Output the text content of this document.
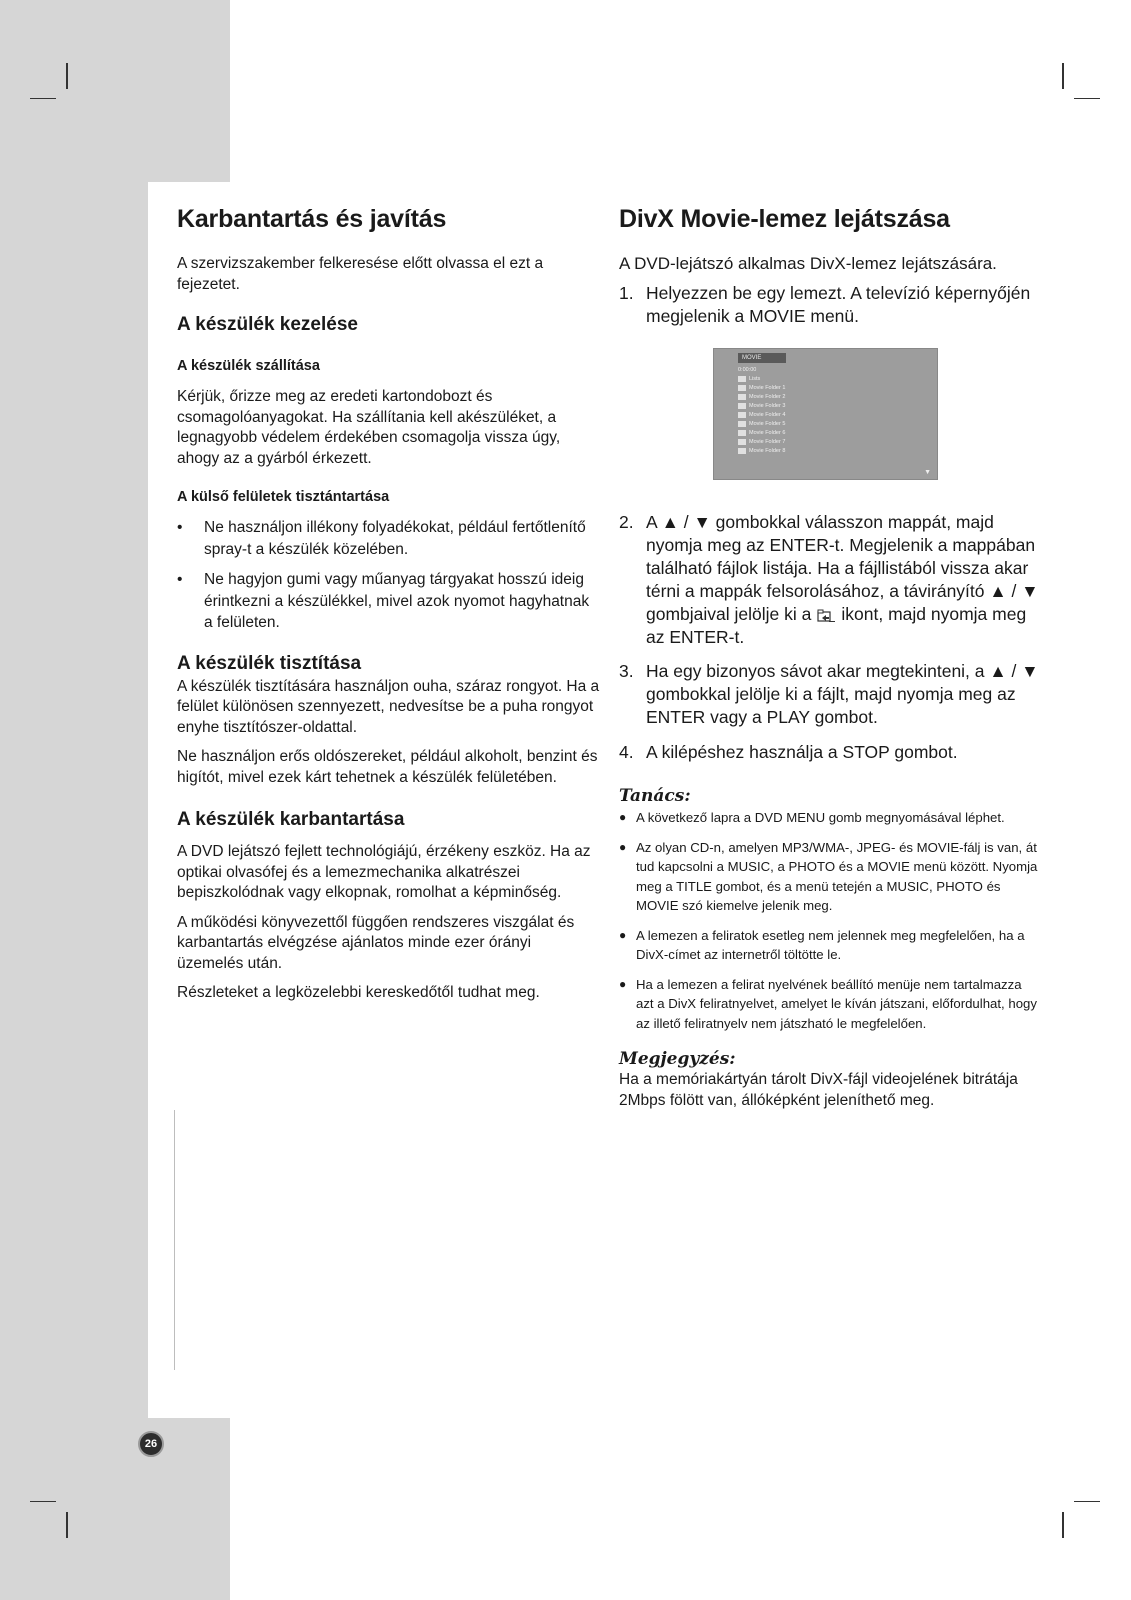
Karbantartás és javítás

A szervizszakember felkeresése előtt olvassa el ezt a fejezetet.

A készülék kezelése
A készülék szállítása

Kérjük, őrizze meg az eredeti kartondobozt és csomagolóanyagokat. Ha szállítania kell akészüléket, a legnagyobb védelem érdekében csomagolja vissza úgy, ahogy az a gyárból érkezett.

A külső felületek tisztántartása
• Ne használjon illékony folyadékokat, például fertőtlenítő spray-t a készülék közelében.
• Ne hagyjon gumi vagy műanyag tárgyakat hosszú ideig érintkezni a készülékkel, mivel azok nyomot hagyhatnak a felületen.
A készülék tisztítása

A készülék tisztítására használjon ouha, száraz rongyot. Ha a felület különösen szennyezett, nedvesítse be a puha rongyot enyhe tisztítószer-oldattal.

Ne használjon erős oldószereket, például alkoholt, benzint és higítót, mivel ezek kárt tehetnek a készülék felületében.

A készülék karbantartása

A DVD lejátszó fejlett technológiájú, érzékeny eszköz. Ha az optikai olvasófej és a lemezmechanika alkatrészei bepiszkolódnak vagy elkopnak, romolhat a képminőség.

A működési könyvezettől függően rendszeres viszgálat és karbantartás elvégzése ajánlatos minde ezer órányi üzemelés után.

Részleteket a legközelebbi kereskedőtől tudhat meg.

DivX Movie-lemez lejátszása

A DVD-lejátszó alkalmas DivX-lemez lejátszására.

1. Helyezzen be egy lemezt. A televízió képernyőjén megjelenik a MOVIE menü.
MOVIE
0:00:00
Lists
Movie Folder 1
Movie Folder 2
Movie Folder 3
Movie Folder 4
Movie Folder 5
Movie Folder 6
Movie Folder 7
Movie Folder 8
▼
2. A ▲ / ▼ gombokkal válasszon mappát, majd nyomja meg az ENTER-t. Megjelenik a mappában található fájlok listája. Ha a fájllistából vissza akar térni a mappák felsorolásához, a távirányító ▲ / ▼ gombjaival jelölje ki a ikont, majd nyomja meg az ENTER-t.
3. Ha egy bizonyos sávot akar megtekinteni, a ▲ / ▼ gombokkal jelölje ki a fájlt, majd nyomja meg az ENTER vagy a PLAY gombot.
4. A kilépéshez használja a STOP gombot.
Tanács:
● A következő lapra a DVD MENU gomb megnyomásával léphet.
● Az olyan CD-n, amelyen MP3/WMA-, JPEG- és MOVIE-fálj is van, át tud kapcsolni a MUSIC, a PHOTO és a MOVIE menü között. Nyomja meg a TITLE gombot, és a menü tetején a MUSIC, PHOTO és MOVIE szó kiemelve jelenik meg.
● A lemezen a feliratok esetleg nem jelennek meg megfelelően, ha a DivX-címet az internetről töltötte le.
● Ha a lemezen a felirat nyelvének beállító menüje nem tartalmazza azt a DivX feliratnyelvet, amelyet le kíván játszani, előfordulhat, hogy az illető feliratnyelv nem játszható le megfelelően.
Megjegyzés:

Ha a memóriakártyán tárolt DivX-fájl videojelének bitrátája 2Mbps fölött van, állóképként jeleníthető meg.

26
